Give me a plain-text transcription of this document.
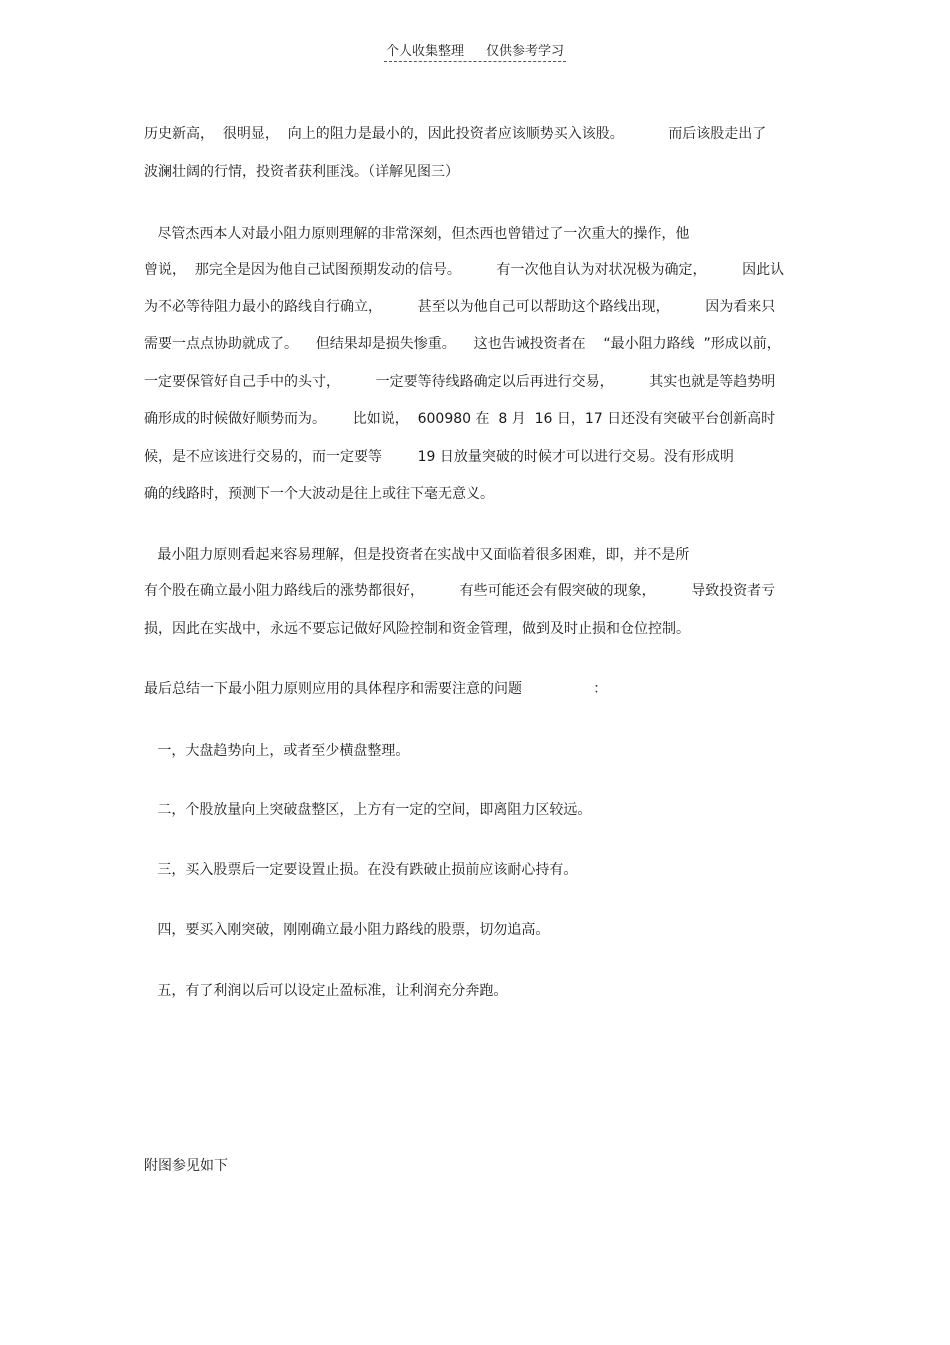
个人收集整理 仅供参考学习
历史新高，  很明显，  向上的阻力是最小的，因此投资者应该顺势买入该股。          而后该股走出了
波澜壮阔的行情，投资者获利匪浅。（详解见图三）
尽管杰西本人对最小阻力原则理解的非常深刻，但杰西也曾错过了一次重大的操作，他
曾说，  那完全是因为他自己试图预期发动的信号。        有一次他自认为对状况极为确定，        因此认
为不必等待阻力最小的路线自行确立，        甚至以为他自己可以帮助这个路线出现，        因为看来只
需要一点点协助就成了。    但结果却是损失惨重。    这也告诫投资者在    “最小阻力路线  ”形成以前，
一定要保管好自己手中的头寸，        一定要等待线路确定以后再进行交易，        其实也就是等趋势明
确形成的时候做好顺势而为。      比如说，  600980 在  8 月  16 日，17 日还没有突破平台创新高时
候，是不应该进行交易的，而一定要等        19 日放量突破的时候才可以进行交易。没有形成明
确的线路时，预测下一个大波动是往上或往下毫无意义。
最小阻力原则看起来容易理解，但是投资者在实战中又面临着很多困难，即，并不是所
有个股在确立最小阻力路线后的涨势都很好，        有些可能还会有假突破的现象，        导致投资者亏
损，因此在实战中，永远不要忘记做好风险控制和资金管理，做到及时止损和仓位控制。
最后总结一下最小阻力原则应用的具体程序和需要注意的问题                ：
一，大盘趋势向上，或者至少横盘整理。
二，个股放量向上突破盘整区，上方有一定的空间，即离阻力区较远。
三，买入股票后一定要设置止损。在没有跌破止损前应该耐心持有。
四，要买入刚突破，刚刚确立最小阻力路线的股票，切勿追高。
五，有了利润以后可以设定止盈标准，让利润充分奔跑。
附图参见如下
